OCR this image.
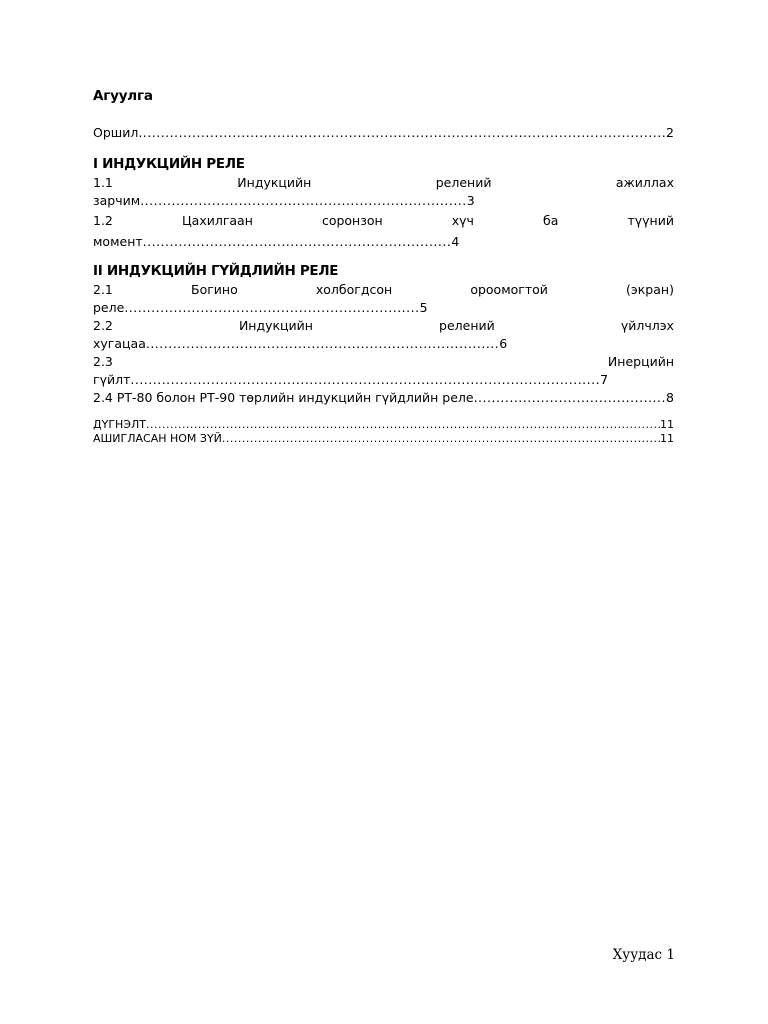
Агуулга

Оршил .....	2

I ИНДУКЦИЙН РЕЛЕ

1.1	Индукцийн	релений	ажиллах
зарчим.........................................................................3
1.2	Цахилгаан	соронзон	хүч	ба	түүний
момент.....................................................................4

II ИНДУКЦИЙН ГҮЙДЛИЙН РЕЛЕ

2.1	Богино	холбогдсон	ороомогтой	(экран)
реле..................................................................5
2.2	Индукцийн	релений	үйлчлэх
хугацаа...............................................................................6
2.3	Инерцийн
гүйлт.........................................................................................................7
2.4 РТ-80 болон РТ-90 төрлийн индукцийн гүйдлийн реле .....	8
ДҮГНЭЛТ .....	11
АШИГЛАСАН НОМ ЗҮЙ .....	11
Хуудас 1
